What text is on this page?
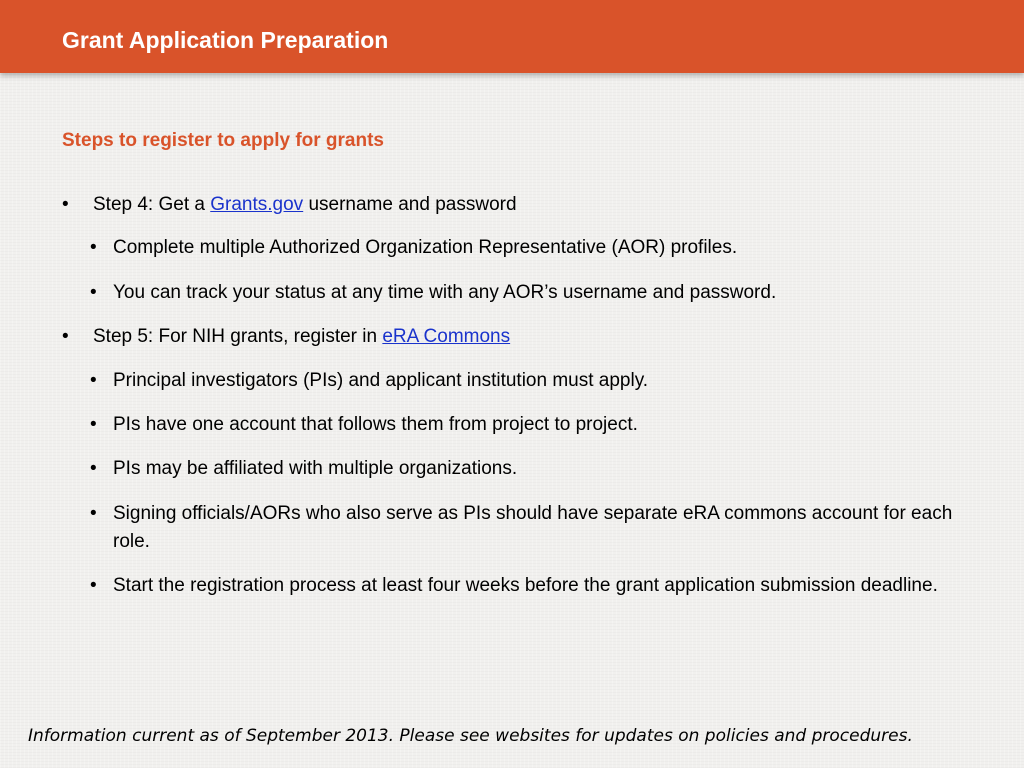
Grant Application Preparation
Steps to register to apply for grants
• Step 4: Get a Grants.gov username and password
• Complete multiple Authorized Organization Representative (AOR) profiles.
• You can track your status at any time with any AOR’s username and password.
• Step 5: For NIH grants, register in eRA Commons
• Principal investigators (PIs) and applicant institution must apply.
• PIs have one account that follows them from project to project.
• PIs may be affiliated with multiple organizations.
• Signing officials/AORs who also serve as PIs should have separate eRA commons account for each role.
• Start the registration process at least four weeks before the grant application submission deadline.
Information current as of September 2013. Please see websites for updates on policies and procedures.
